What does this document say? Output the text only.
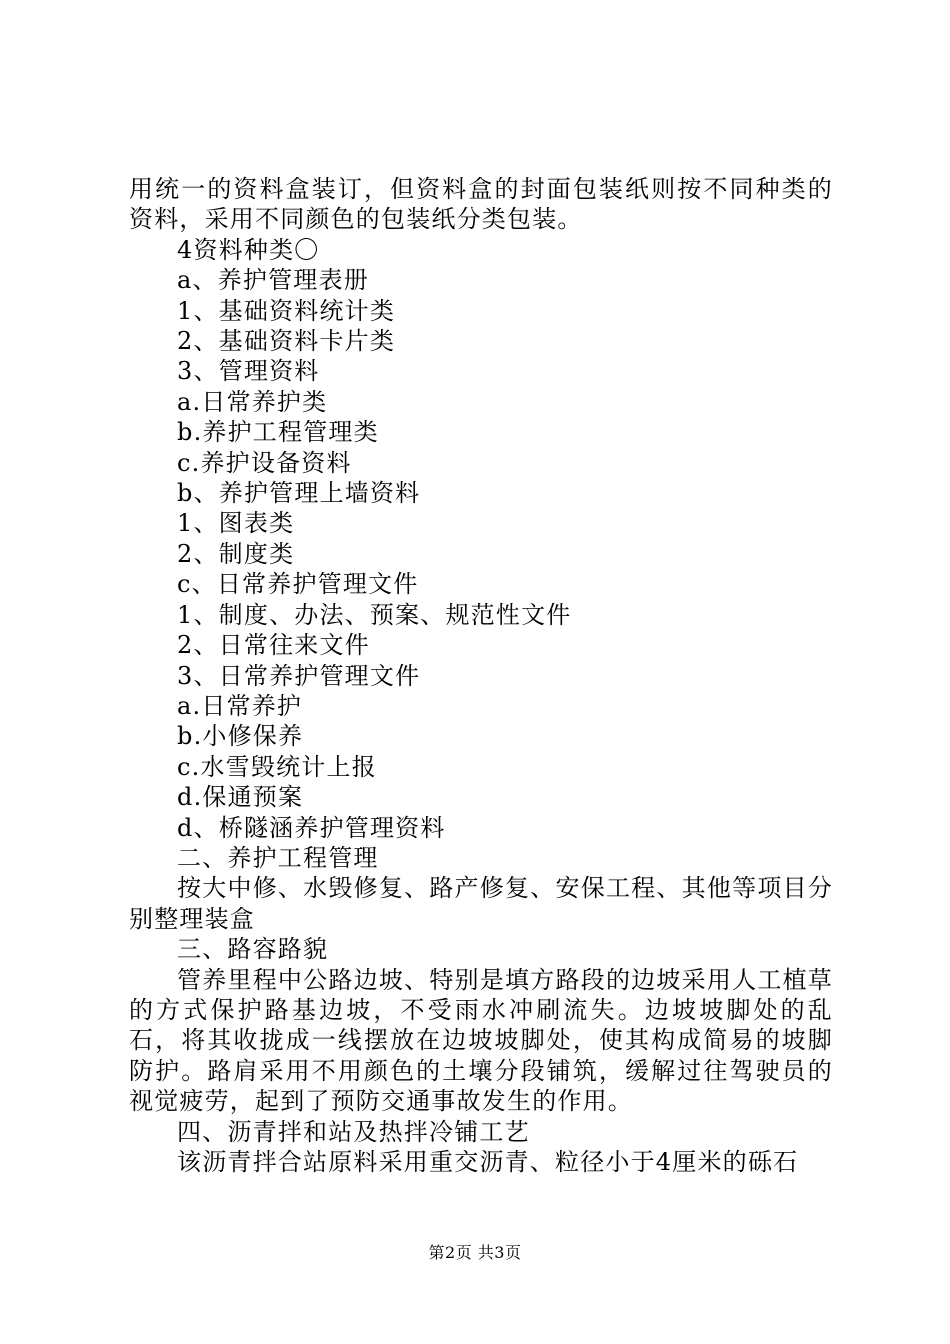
用统一的资料盒装订，但资料盒的封面包装纸则按不同种类的资料，采用不同颜色的包装纸分类包装。

4资料种类〇

a、养护管理表册

1、基础资料统计类

2、基础资料卡片类

3、管理资料

a.日常养护类

b.养护工程管理类

c.养护设备资料

b、养护管理上墙资料

1、图表类

2、制度类

c、日常养护管理文件

1、制度、办法、预案、规范性文件

2、日常往来文件

3、日常养护管理文件

a.日常养护

b.小修保养

c.水雪毁统计上报

d.保通预案

d、桥隧涵养护管理资料

二、养护工程管理

按大中修、水毁修复、路产修复、安保工程、其他等项目分别整理装盒

三、路容路貌

管养里程中公路边坡、特别是填方路段的边坡采用人工植草的方式保护路基边坡，不受雨水冲刷流失。边坡坡脚处的乱石，将其收拢成一线摆放在边坡坡脚处，使其构成简易的坡脚防护。路肩采用不用颜色的土壤分段铺筑，缓解过往驾驶员的视觉疲劳，起到了预防交通事故发生的作用。

四、沥青拌和站及热拌冷铺工艺

该沥青拌合站原料采用重交沥青、粒径小于4厘米的砾石

第2页 共3页
